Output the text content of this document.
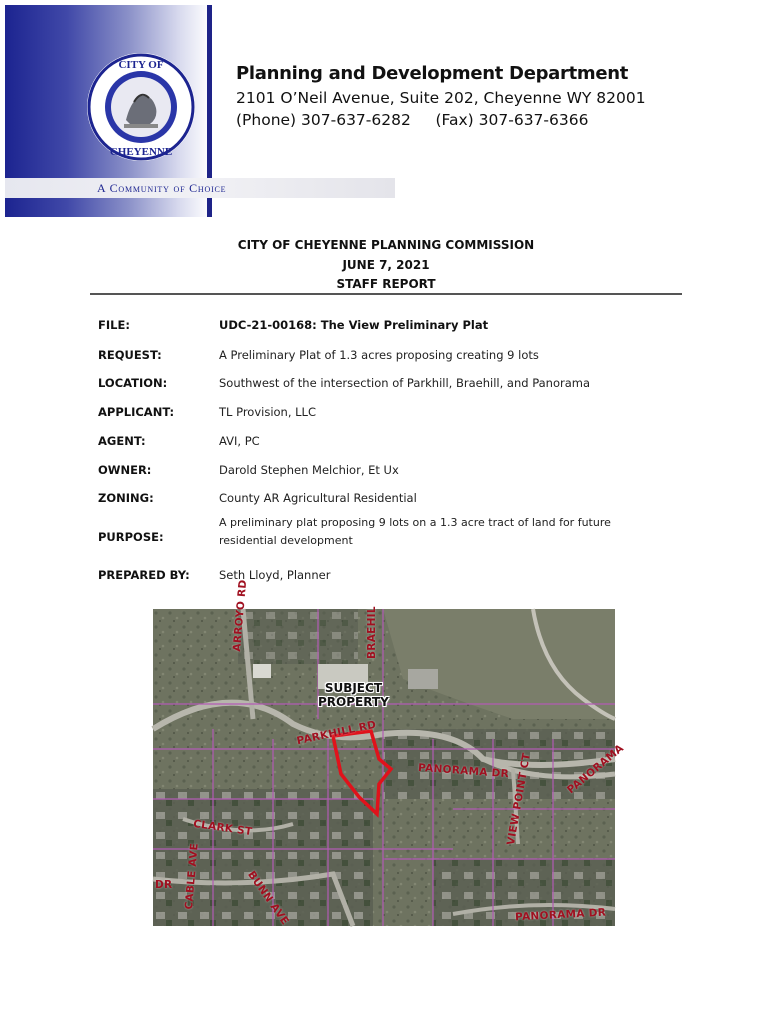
A Community of Choice
CITY OF
CHEYENNE
Planning and Development Department
2101 O’Neil Avenue, Suite 202, Cheyenne WY 82001
(Phone) 307-637-6282     (Fax) 307-637-6366
CITY OF CHEYENNE PLANNING COMMISSION
JUNE 7, 2021
STAFF REPORT
FILE:	UDC-21-00168: The View Preliminary Plat
REQUEST:	A Preliminary Plat of 1.3 acres proposing creating 9 lots
LOCATION:	Southwest of the intersection of Parkhill, Braehill, and Panorama
APPLICANT:	TL Provision, LLC
AGENT:	AVI, PC
OWNER:	Darold Stephen Melchior, Et Ux
ZONING:	County AR Agricultural Residential
PURPOSE:
A preliminary plat proposing 9 lots on a 1.3 acre tract of land for future residential development
PREPARED BY:	Seth Lloyd, Planner
SUBJECT
PROPERTY
ARROYO RD	BRAEHIL
PARKHILL RD
PANORAMA DR
VIEW POINT CT	PANORAMA
CLARK ST
CABLE AVE
DR	BUNN AVE	PANORAMA DR
